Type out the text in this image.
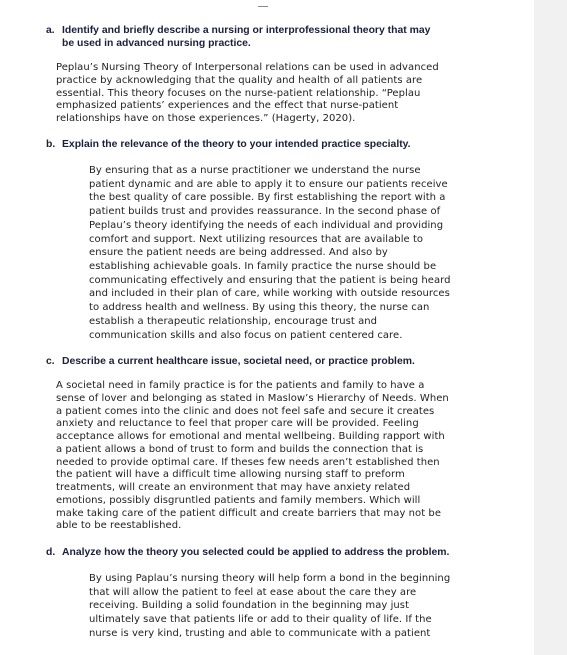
a. Identify and briefly describe a nursing or interprofessional theory that may
be used in advanced nursing practice.
Peplau’s Nursing Theory of Interpersonal relations can be used in advanced
practice by acknowledging that the quality and health of all patients are
essential. This theory focuses on the nurse-patient relationship. “Peplau
emphasized patients’ experiences and the effect that nurse-patient
relationships have on those experiences.” (Hagerty, 2020).
b. Explain the relevance of the theory to your intended practice specialty.
By ensuring that as a nurse practitioner we understand the nurse
patient dynamic and are able to apply it to ensure our patients receive
the best quality of care possible. By first establishing the report with a
patient builds trust and provides reassurance. In the second phase of
Peplau’s theory identifying the needs of each individual and providing
comfort and support. Next utilizing resources that are available to
ensure the patient needs are being addressed. And also by
establishing achievable goals. In family practice the nurse should be
communicating effectively and ensuring that the patient is being heard
and included in their plan of care, while working with outside resources
to address health and wellness. By using this theory, the nurse can
establish a therapeutic relationship, encourage trust and
communication skills and also focus on patient centered care.
c. Describe a current healthcare issue, societal need, or practice problem.
A societal need in family practice is for the patients and family to have a
sense of lover and belonging as stated in Maslow’s Hierarchy of Needs. When
a patient comes into the clinic and does not feel safe and secure it creates
anxiety and reluctance to feel that proper care will be provided. Feeling
acceptance allows for emotional and mental wellbeing. Building rapport with
a patient allows a bond of trust to form and builds the connection that is
needed to provide optimal care. If theses few needs aren’t established then
the patient will have a difficult time allowing nursing staff to preform
treatments, will create an environment that may have anxiety related
emotions, possibly disgruntled patients and family members. Which will
make taking care of the patient difficult and create barriers that may not be
able to be reestablished.
d. Analyze how the theory you selected could be applied to address the problem.
By using Paplau’s nursing theory will help form a bond in the beginning
that will allow the patient to feel at ease about the care they are
receiving. Building a solid foundation in the beginning may just
ultimately save that patients life or add to their quality of life. If the
nurse is very kind, trusting and able to communicate with a patient
